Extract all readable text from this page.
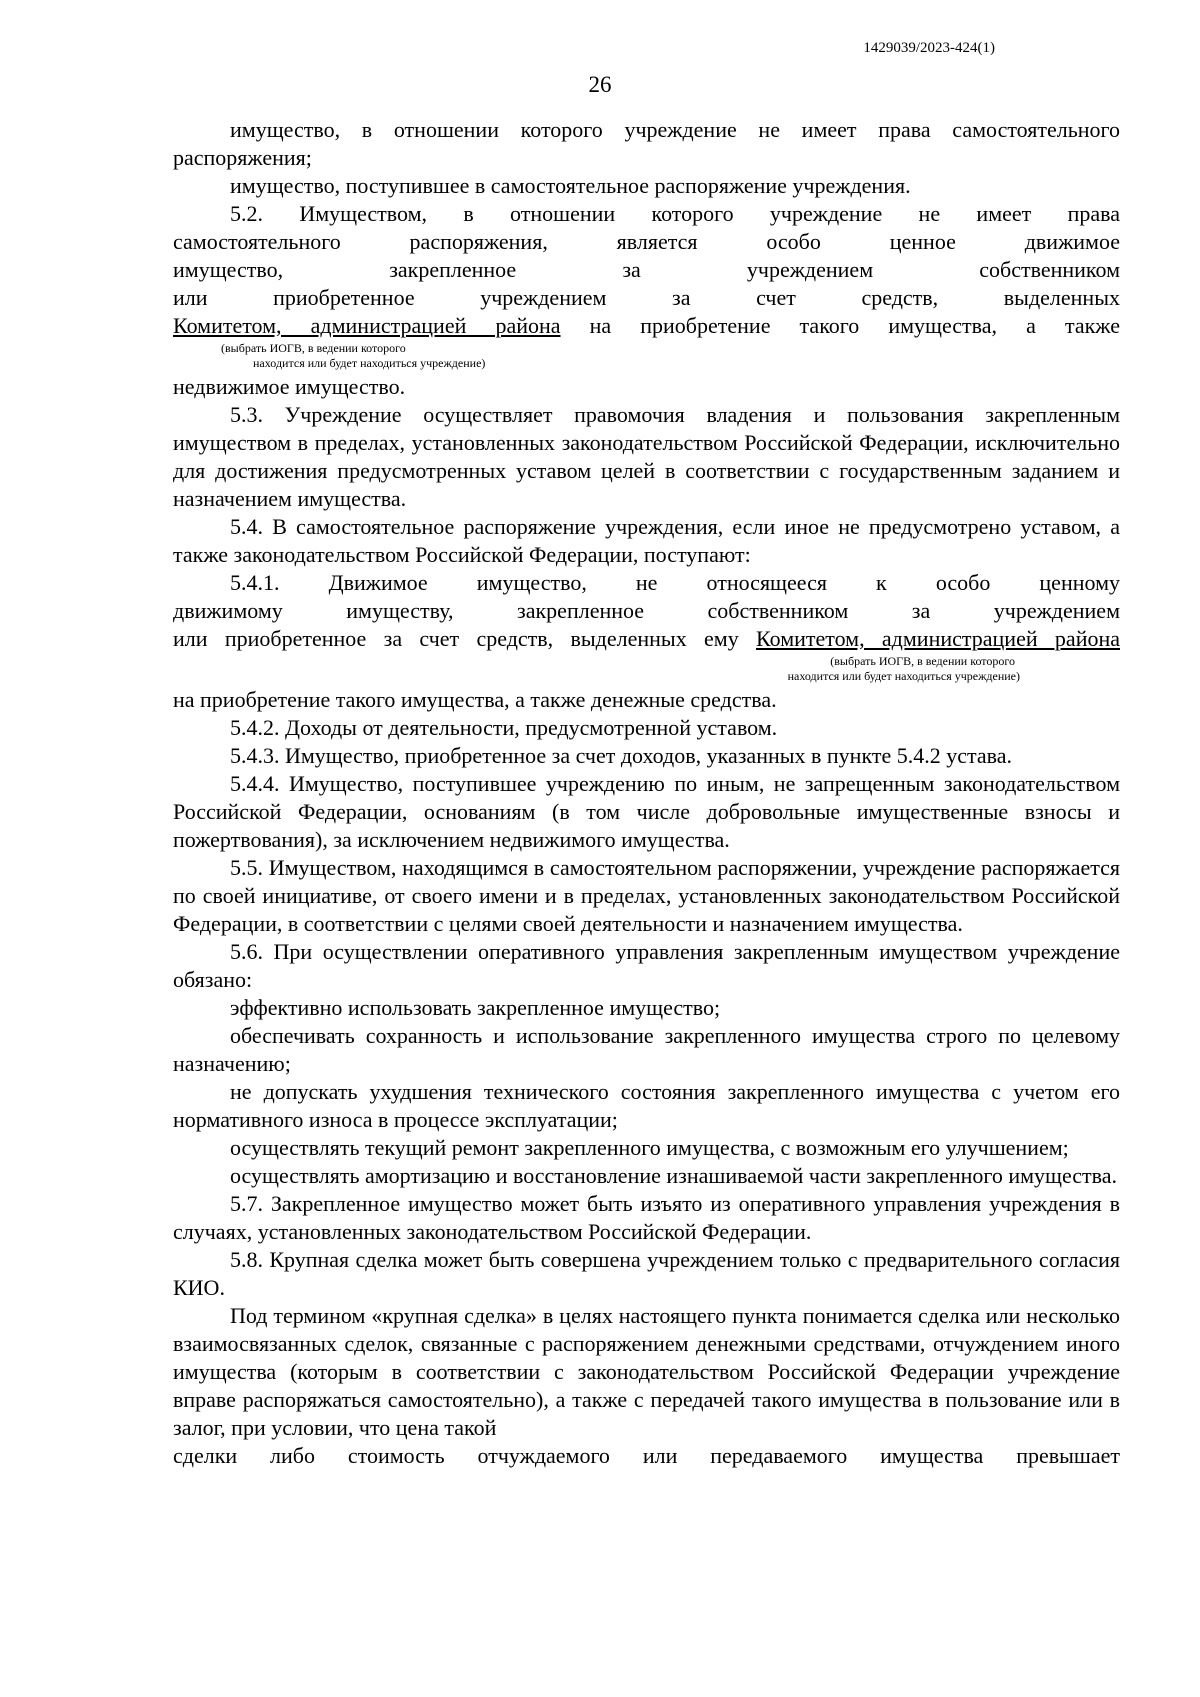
1429039/2023-424(1)
26

имущество, в отношении которого учреждение не имеет права самостоятельного

распоряжения;

имущество, поступившее в самостоятельное распоряжение учреждения.

5.2. Имуществом, в отношении которого учреждение не имеет права

самостоятельного распоряжения, является особо ценное движимое

имущество, закрепленное за учреждением собственником

или приобретенное учреждением за счет средств, выделенных

Комитетом, администрацией района на приобретение такого имущества, а также

(выбрать ИОГВ, в ведении которого

находится или будет находиться учреждение)

недвижимое имущество.

5.3. Учреждение осуществляет правомочия владения и пользования закрепленным имуществом в пределах, установленных законодательством Российской Федерации, исключительно для достижения предусмотренных уставом целей в соответствии с государственным заданием и назначением имущества.

5.4. В самостоятельное распоряжение учреждения, если иное не предусмотрено уставом, а также законодательством Российской Федерации, поступают:

5.4.1. Движимое имущество, не относящееся к особо ценному

движимому имуществу, закрепленное собственником за учреждением

или приобретенное за счет средств, выделенных ему Комитетом, администрацией района

(выбрать ИОГВ, в ведении которого

находится или будет находиться учреждение)

на приобретение такого имущества, а также денежные средства.

5.4.2. Доходы от деятельности, предусмотренной уставом.

5.4.3. Имущество, приобретенное за счет доходов, указанных в пункте 5.4.2 устава.

5.4.4. Имущество, поступившее учреждению по иным, не запрещенным законодательством Российской Федерации, основаниям (в том числе добровольные имущественные взносы и пожертвования), за исключением недвижимого имущества.

5.5. Имуществом, находящимся в самостоятельном распоряжении, учреждение распоряжается по своей инициативе, от своего имени и в пределах, установленных законодательством Российской Федерации, в соответствии с целями своей деятельности и назначением имущества.

5.6. При осуществлении оперативного управления закрепленным имуществом учреждение обязано:

эффективно использовать закрепленное имущество;

обеспечивать сохранность и использование закрепленного имущества строго по целевому назначению;

не допускать ухудшения технического состояния закрепленного имущества с учетом его нормативного износа в процессе эксплуатации;

осуществлять текущий ремонт закрепленного имущества, с возможным его улучшением;

осуществлять амортизацию и восстановление изнашиваемой части закрепленного имущества.

5.7. Закрепленное имущество может быть изъято из оперативного управления учреждения в случаях, установленных законодательством Российской Федерации.

5.8. Крупная сделка может быть совершена учреждением только с предварительного согласия КИО.

Под термином «крупная сделка» в целях настоящего пункта понимается сделка или несколько взаимосвязанных сделок, связанные с распоряжением денежными средствами, отчуждением иного имущества (которым в соответствии с законодательством Российской Федерации учреждение вправе распоряжаться самостоятельно), а также с передачей такого имущества в пользование или в залог, при условии, что цена такой

сделки либо стоимость отчуждаемого или передаваемого имущества превышает
